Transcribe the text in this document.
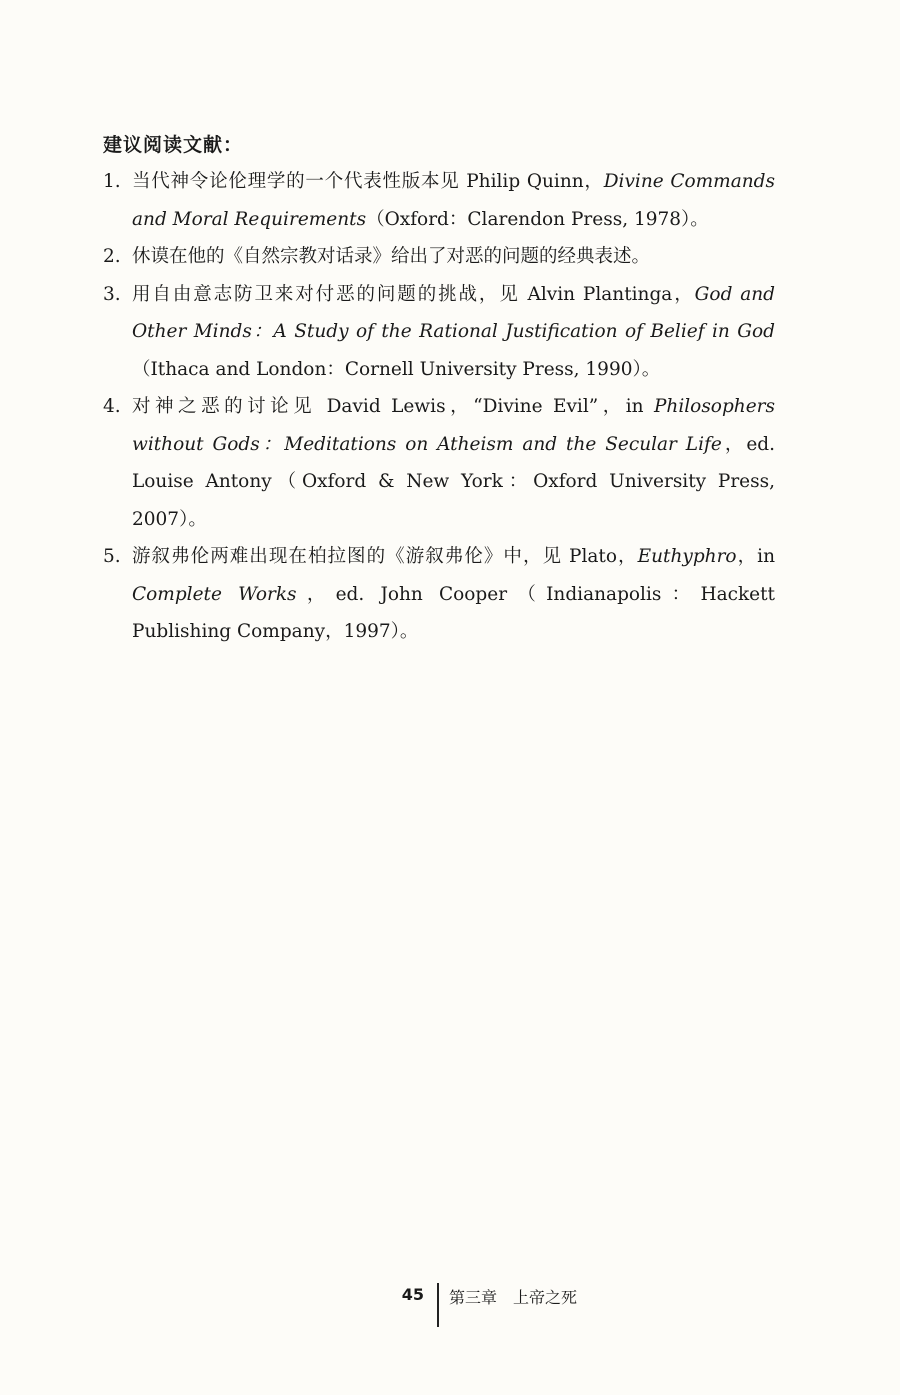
建议阅读文献：
1. 当代神令论伦理学的一个代表性版本见 Philip Quinn，Divine Commands and Moral Requirements（Oxford：Clarendon Press, 1978）。
2. 休谟在他的《自然宗教对话录》给出了对恶的问题的经典表述。
3. 用自由意志防卫来对付恶的问题的挑战，见 Alvin Plantinga，God and Other Minds：A Study of the Rational Justification of Belief in God（Ithaca and London：Cornell University Press, 1990）。
4. 对神之恶的讨论见 David Lewis，“Divine Evil”，in Philosophers without Gods：Meditations on Atheism and the Secular Life，ed. Louise Antony（Oxford & New York：Oxford University Press, 2007）。
5. 游叙弗伦两难出现在柏拉图的《游叙弗伦》中，见 Plato，Euthyphro，in Complete Works，ed. John Cooper（Indianapolis：Hackett Publishing Company，1997）。
45 第三章　上帝之死
